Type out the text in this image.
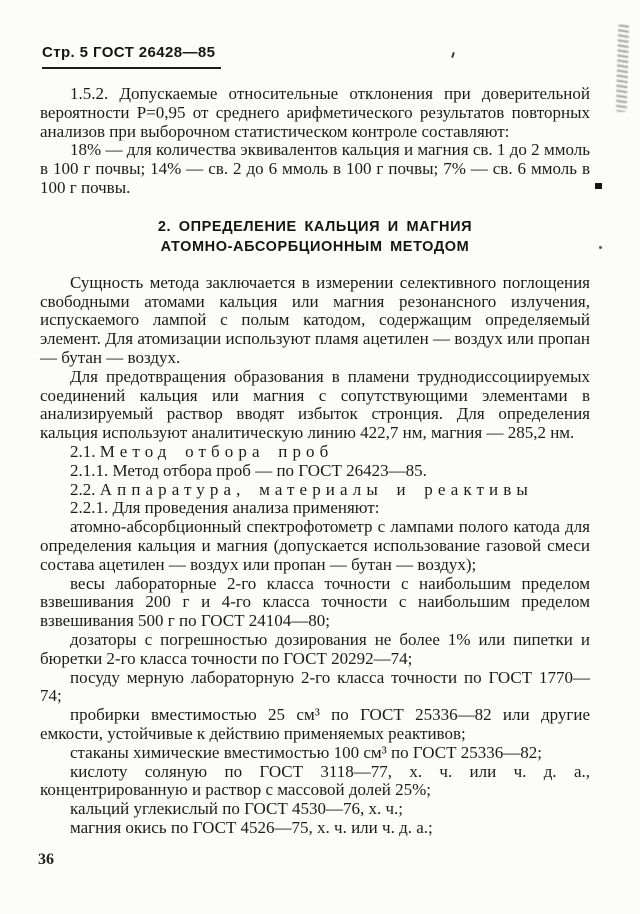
Стр. 5 ГОСТ 26428—85

1.5.2. Допускаемые относительные отклонения при доверительной вероятности Р=0,95 от среднего арифметического результатов повторных анализов при выборочном статистическом контроле составляют:

18% — для количества эквивалентов кальция и магния св. 1 до 2 ммоль в 100 г почвы; 14% — св. 2 до 6 ммоль в 100 г почвы; 7% — св. 6 ммоль в 100 г почвы.

2. ОПРЕДЕЛЕНИЕ КАЛЬЦИЯ И МАГНИЯ
АТОМНО-АБСОРБЦИОННЫМ МЕТОДОМ

Сущность метода заключается в измерении селективного поглощения свободными атомами кальция или магния резонансного излучения, испускаемого лампой с полым катодом, содержащим определяемый элемент. Для атомизации используют пламя ацетилен — воздух или пропан — бутан — воздух.

Для предотвращения образования в пламени труднодиссоциируемых соединений кальция или магния с сопутствующими элементами в анализируемый раствор вводят избыток стронция. Для определения кальция используют аналитическую линию 422,7 нм, магния — 285,2 нм.

2.1. Метод отбора проб

2.1.1. Метод отбора проб — по ГОСТ 26423—85.

2.2. Аппаратура, материалы и реактивы

2.2.1. Для проведения анализа применяют:

атомно-абсорбционный спектрофотометр с лампами полого катода для определения кальция и магния (допускается использование газовой смеси состава ацетилен — воздух или пропан — бутан — воздух);

весы лабораторные 2-го класса точности с наибольшим пределом взвешивания 200 г и 4-го класса точности с наибольшим пределом взвешивания 500 г по ГОСТ 24104—80;

дозаторы с погрешностью дозирования не более 1% или пипетки и бюретки 2-го класса точности по ГОСТ 20292—74;

посуду мерную лабораторную 2-го класса точности по ГОСТ 1770—74;

пробирки вместимостью 25 см³ по ГОСТ 25336—82 или другие емкости, устойчивые к действию применяемых реактивов;

стаканы химические вместимостью 100 см³ по ГОСТ 25336—82;

кислоту соляную по ГОСТ 3118—77, х. ч. или ч. д. а., концентрированную и раствор с массовой долей 25%;

кальций углекислый по ГОСТ 4530—76, х. ч.;

магния окись по ГОСТ 4526—75, х. ч. или ч. д. а.;

36
